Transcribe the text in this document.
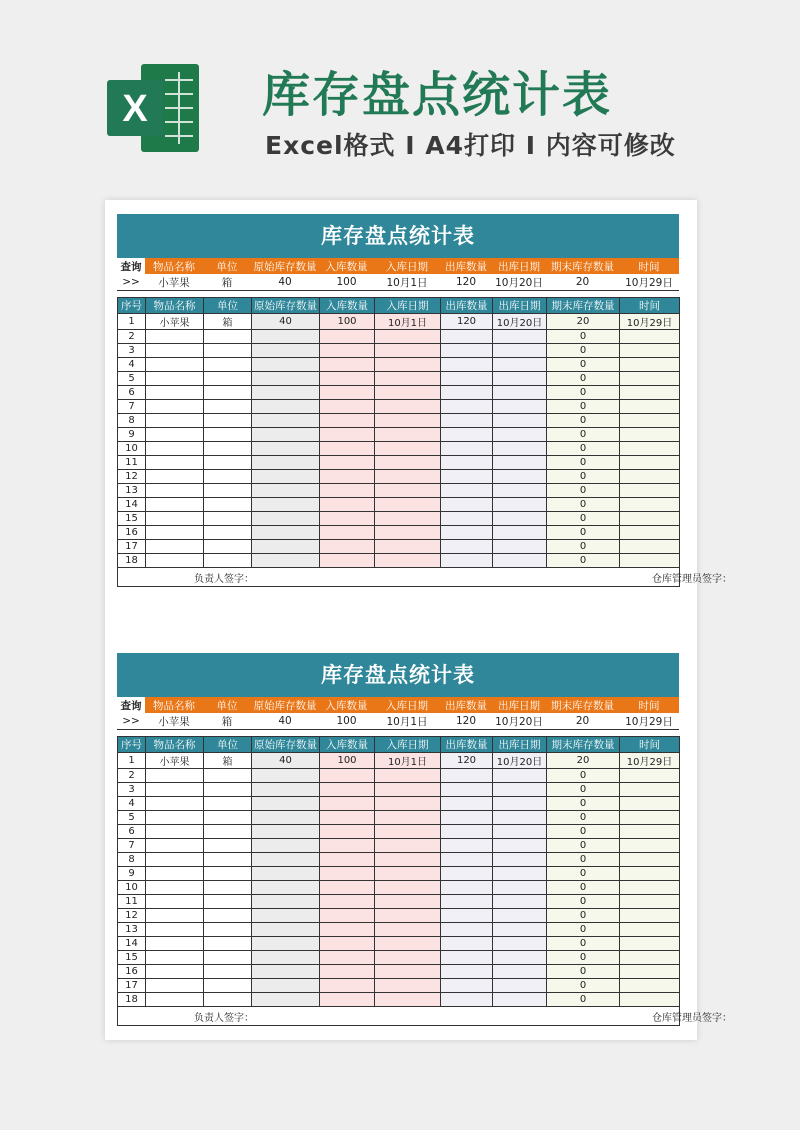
X 库存盘点统计表
Excel格式 I A4打印 I 内容可修改
库存盘点统计表
查询	物品名称	单位	原始库存数量	入库数量	入库日期	出库数量	出库日期	期末库存数量	时间
>>	小苹果	箱	40	100	10月1日	120	10月20日	20	10月29日

序号	物品名称	单位	原始库存数量	入库数量	入库日期	出库数量	出库日期	期末库存数量	时间
1	小苹果	箱	40	100	10月1日	120	10月20日	20	10月29日
2								0	
3								0	
4								0	
5								0	
6								0	
7								0	
8								0	
9								0	
10								0	
11								0	
12								0	
13								0	
14								0	
15								0	
16								0	
17								0	
18								0	
负责人签字： 仓库管理员签字：									
库存盘点统计表
查询	物品名称	单位	原始库存数量	入库数量	入库日期	出库数量	出库日期	期末库存数量	时间
>>	小苹果	箱	40	100	10月1日	120	10月20日	20	10月29日

序号	物品名称	单位	原始库存数量	入库数量	入库日期	出库数量	出库日期	期末库存数量	时间
1	小苹果	箱	40	100	10月1日	120	10月20日	20	10月29日
2								0	
3								0	
4								0	
5								0	
6								0	
7								0	
8								0	
9								0	
10								0	
11								0	
12								0	
13								0	
14								0	
15								0	
16								0	
17								0	
18								0	
负责人签字： 仓库管理员签字：									
